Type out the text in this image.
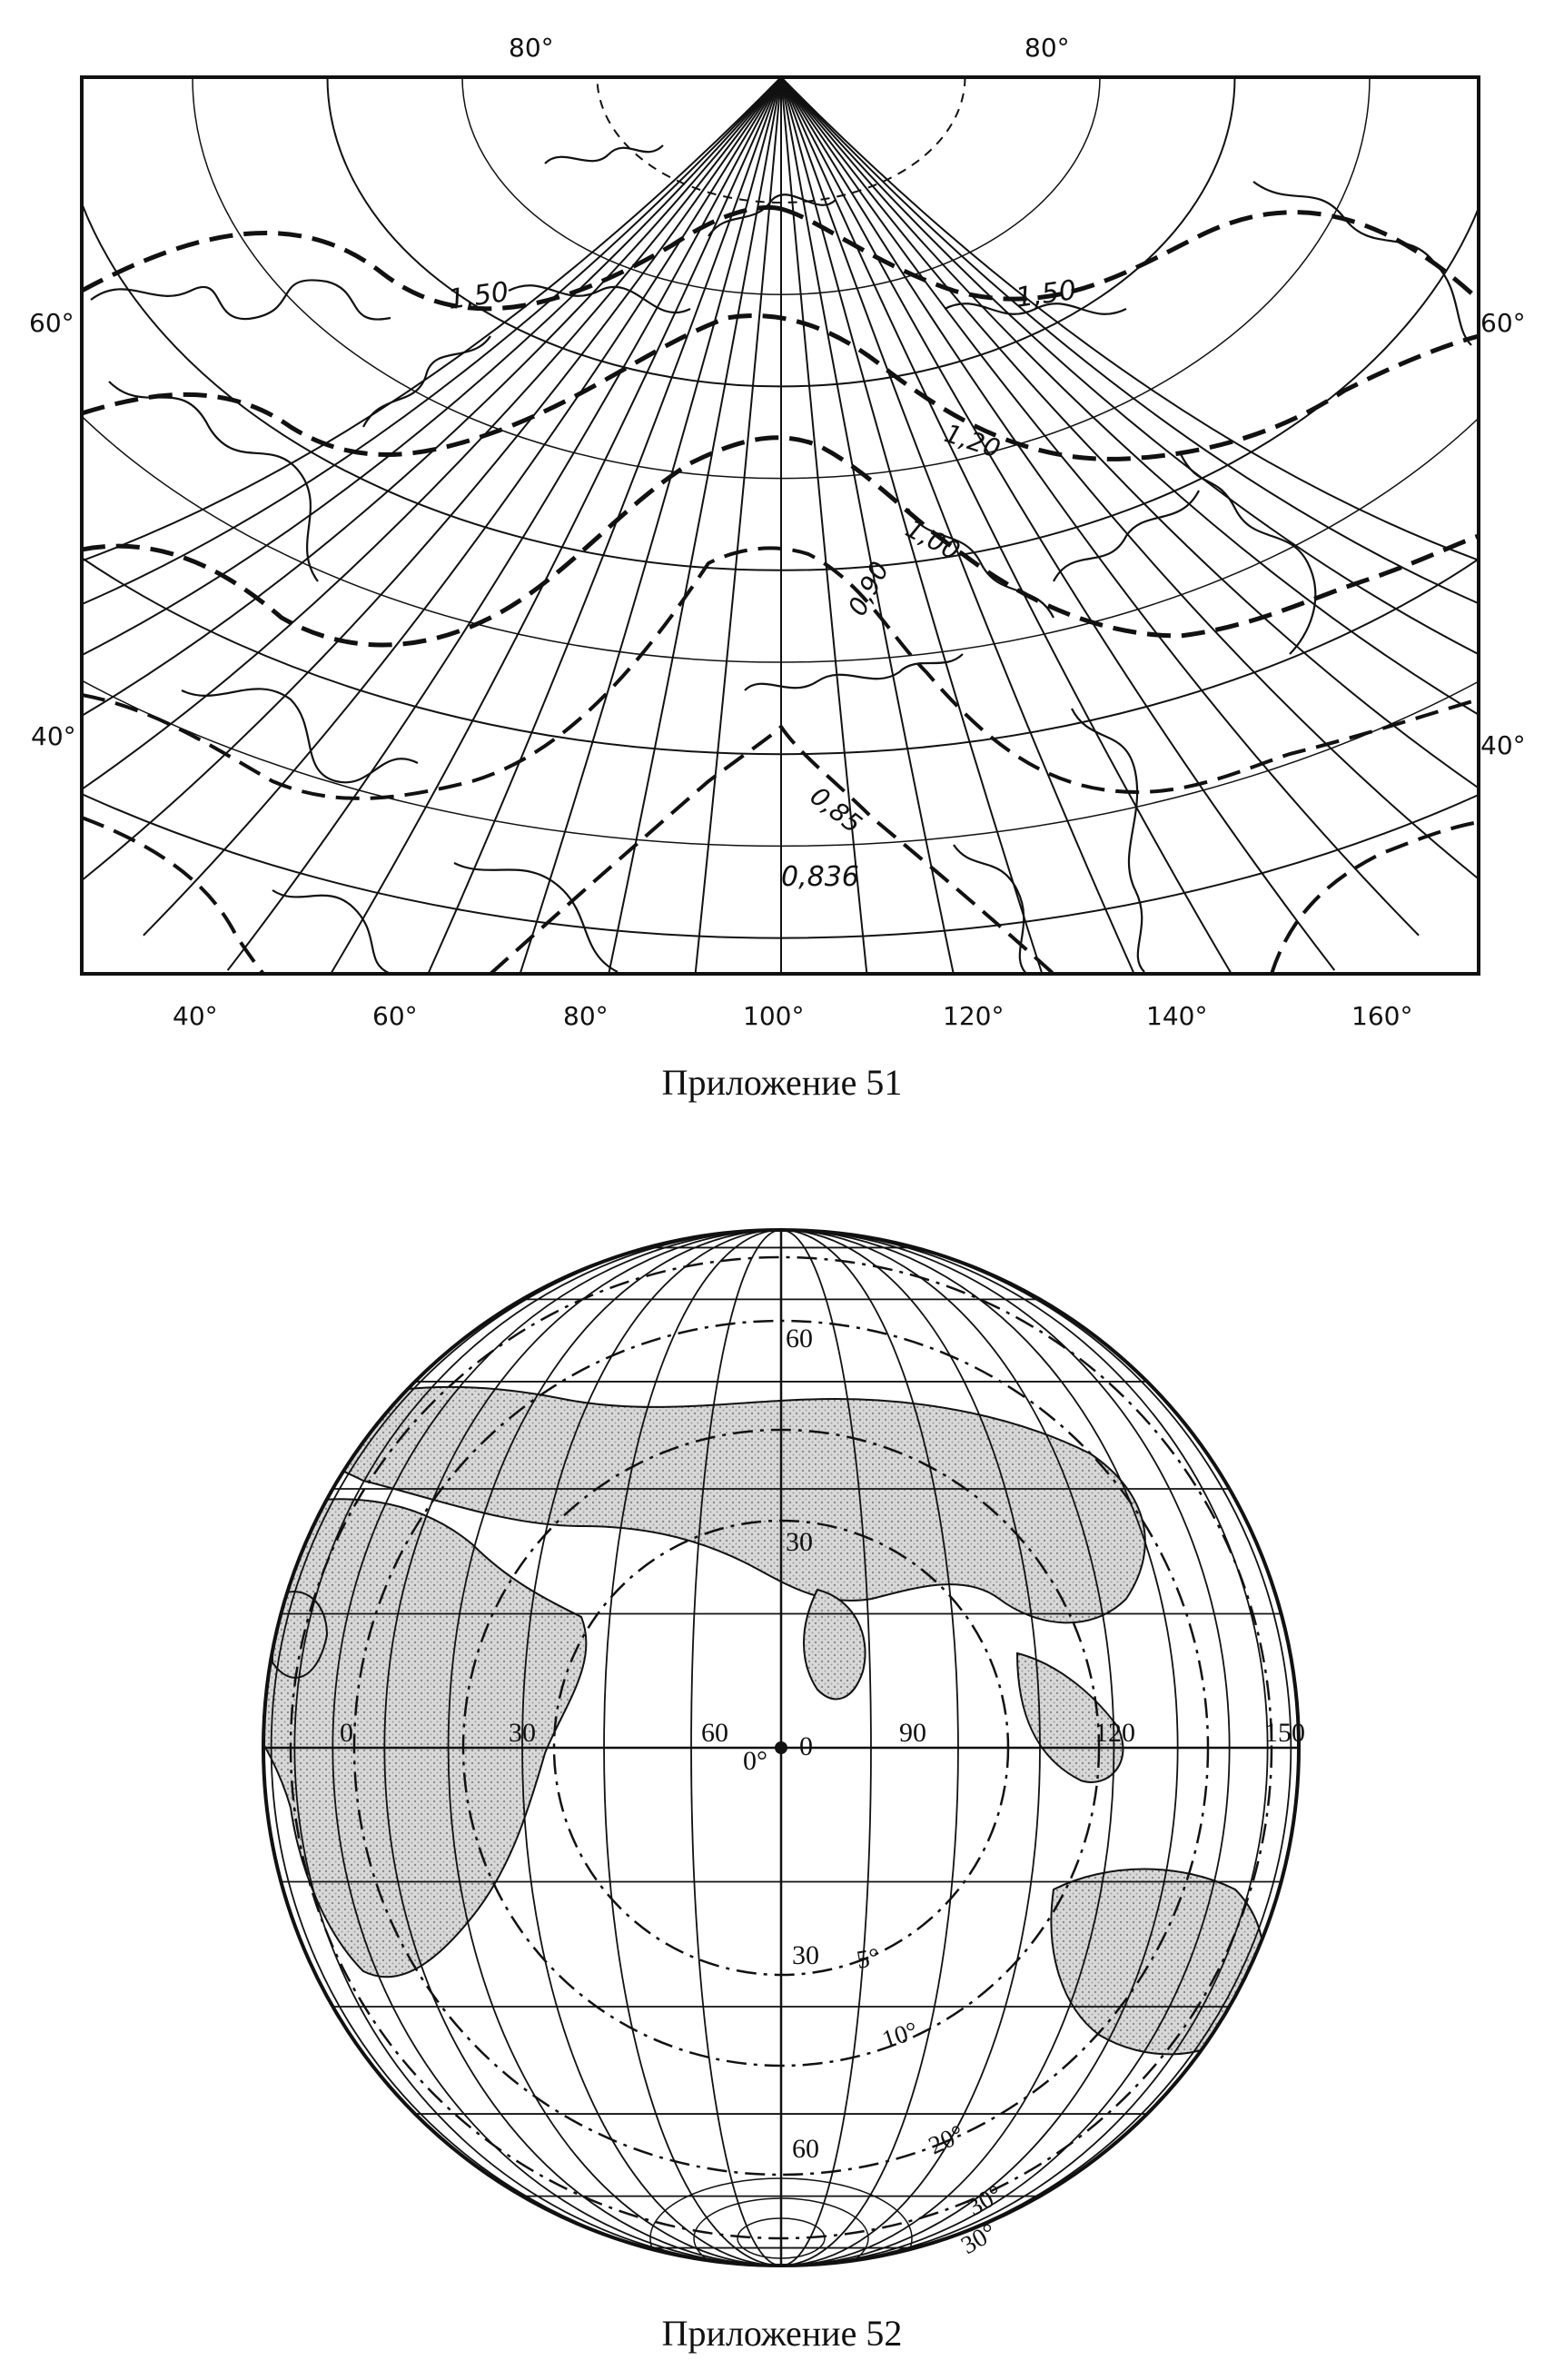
80°	80°
60°
40°
60°
40°
40°	60°	80°	100°	120°	140°	160°
1,50	1,50
1,20
1,00
0,90
0,85
0,836
Приложение 51
0	30	60	0	90	120	150
60
30
30
60
0°
5°
10°
20°
30°
30°
Приложение 52
